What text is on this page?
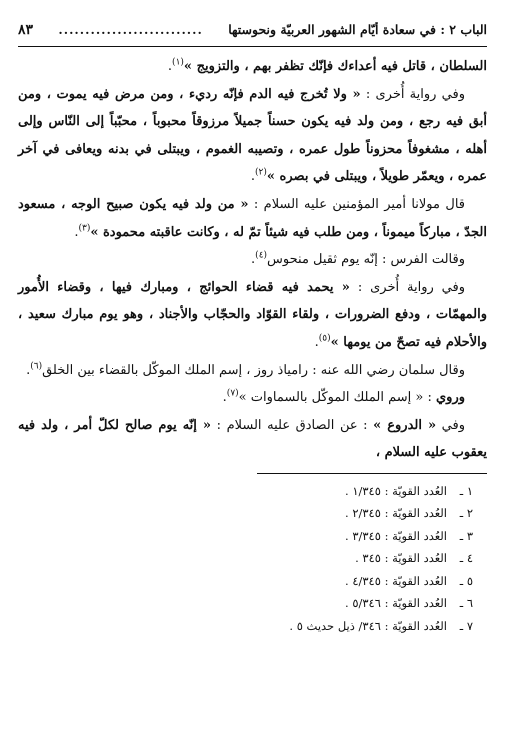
الباب ٢ : في سعادة أيّام الشهور العربيّة ونحوستها
...........................
٨٣

السلطان ، قاتل فيه أعداءك فإنّك تظفر بهم ، والتزويج »$^{(١)}$.

وفي رواية أُخرى : « ولا تُخرج فيه الدم فإنّه رديء ، ومن مرض فيه يموت ، ومن أبق فيه رجع ، ومن ولد فيه يكون حسناً جميلاً مرزوقاً محبوباً ، محبّباً إلى النّاس وإلى أهله ، مشغوفاً محزوناً طول عمره ، وتصيبه الغموم ، ويبتلى في بدنه ويعافى في آخر عمره ، ويعمّر طويلاً ، ويبتلى في بصره »$^{(٢)}$.

قال مولانا أمير المؤمنين عليه السلام : « من ولد فيه يكون صبيح الوجه ، مسعود الجدّ ، مباركاً ميموناً ، ومن طلب فيه شيئاً تمّ له ، وكانت عاقبته محمودة »$^{(٣)}$.

وقالت الفرس : إنّه يوم ثقيل منحوس$^{(٤)}$.

وفي رواية أُخرى : « يحمد فيه قضاء الحوائج ، ومبارك فيها ، وقضاء الأُمور والمهمّات ، ودفع الضرورات ، ولقاء القوّاد والحجّاب والأجناد ، وهو يوم مبارك سعيد ، والأحلام فيه تصحّ من يومها »$^{(٥)}$.

وقال سلمان رضي الله عنه : رامياذ روز ، إسم الملك الموكّل بالقضاء بين الخلق$^{(٦)}$.

وروي : « إسم الملك الموكّل بالسماوات »$^{(٧)}$.

وفي « الدروع » : عن الصادق عليه السلام : « إنّه يوم صالح لكلّ أمر ، ولد فيه يعقوب عليه السلام ،

١ ـ
العُدد القويّة : ١/٣٤٥ .
٢ ـ
العُدد القويّة : ٢/٣٤٥ .
٣ ـ
العُدد القويّة : ٣/٣٤٥ .
٤ ـ
العُدد القويّة : ٣٤٥ .
٥ ـ
العُدد القويّة : ٤/٣٤٥ .
٦ ـ
العُدد القويّة : ٥/٣٤٦ .
٧ ـ
العُدد القويّة : ٣٤٦/ ذيل حديث ٥ .
